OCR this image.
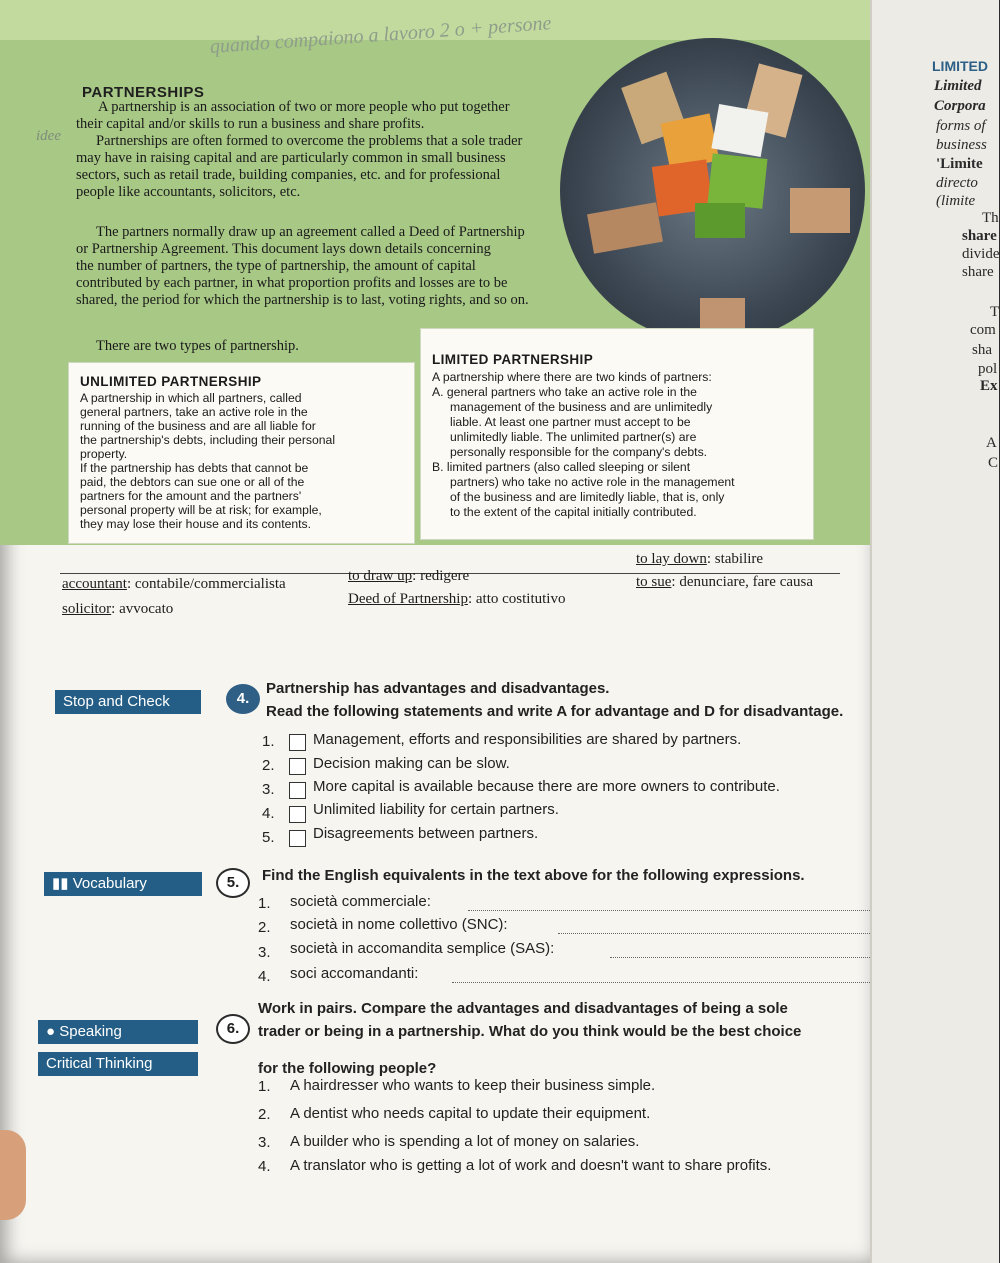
quando compaiono a lavoro 2 o + persone
PARTNERSHIPS
idee
A partnership is an association of two or more people who put together
their capital and/or skills to run a business and share profits.
Partnerships are often formed to overcome the problems that a sole trader
may have in raising capital and are particularly common in small business
sectors, such as retail trade, building companies, etc. and for professional
people like accountants, solicitors, etc.
The partners normally draw up an agreement called a Deed of Partnership
or Partnership Agreement. This document lays down details concerning
the number of partners, the type of partnership, the amount of capital
contributed by each partner, in what proportion profits and losses are to be
shared, the period for which the partnership is to last, voting rights, and so on.
There are two types of partnership.
UNLIMITED PARTNERSHIP
A partnership in which all partners, called
general partners, take an active role in the
running of the business and are all liable for
the partnership's debts, including their personal
property.
If the partnership has debts that cannot be
paid, the debtors can sue one or all of the
partners for the amount and the partners'
personal property will be at risk; for example,
they may lose their house and its contents.
LIMITED PARTNERSHIP
A partnership where there are two kinds of partners:
A. general partners who take an active role in the
management of the business and are unlimitedly
liable. At least one partner must accept to be
unlimitedly liable. The unlimited partner(s) are
personally responsible for the company's debts.
B. limited partners (also called sleeping or silent
partners) who take no active role in the management
of the business and are limitedly liable, that is, only
to the extent of the capital initially contributed.
accountant: contabile/commercialista
solicitor: avvocato
to draw up: redigere
Deed of Partnership: atto costitutivo
to lay down: stabilire
to sue: denunciare, fare causa
Stop and Check	4.
Partnership has advantages and disadvantages.
Read the following statements and write A for advantage and D for disadvantage.
1.	Management, efforts and responsibilities are shared by partners.
2.	Decision making can be slow.
3.	More capital is available because there are more owners to contribute.
4.	Unlimited liability for certain partners.
5.	Disagreements between partners.
▮▮ Vocabulary	5.	Find the English equivalents in the text above for the following expressions.
1. società commerciale:
2. società in nome collettivo (SNC):
3. società in accomandita semplice (SAS):
4. soci accomandanti:
● Speaking
Critical Thinking
6.
Work in pairs. Compare the advantages and disadvantages of being a sole
trader or being in a partnership. What do you think would be the best choice
for the following people?
1. A hairdresser who wants to keep their business simple.
2. A dentist who needs capital to update their equipment.
3. A builder who is spending a lot of money on salaries.
4. A translator who is getting a lot of work and doesn't want to share profits.
LIMITED
Limited
Corpora
forms of
business
'Limite
directo
(limite
Th
share
divide
share
T
com
sha
pol
Ex
A
C
